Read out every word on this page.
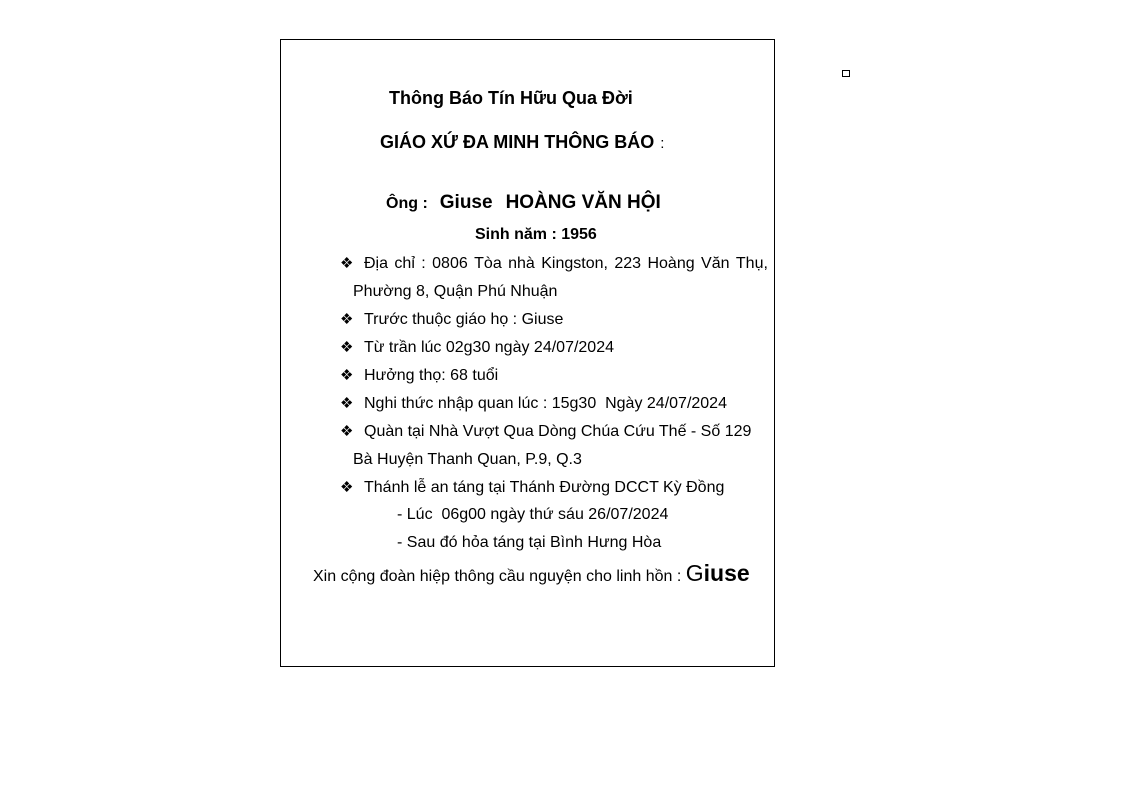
Thông Báo Tín Hữu Qua Đời
GIÁO XỨ ĐA MINH THÔNG BÁO :
Ông : Giuse HOÀNG VĂN HỘI
Sinh năm : 1956
❖ Địa chỉ : 0806 Tòa nhà Kingston, 223 Hoàng Văn Thụ,
Phường 8, Quận Phú Nhuận
❖ Trước thuộc giáo họ : Giuse
❖ Từ trần lúc 02g30 ngày 24/07/2024
❖ Hưởng thọ: 68 tuổi
❖ Nghi thức nhập quan lúc : 15g30  Ngày 24/07/2024
❖ Quàn tại Nhà Vượt Qua Dòng Chúa Cứu Thế - Số 129
Bà Huyện Thanh Quan, P.9, Q.3
❖ Thánh lễ an táng tại Thánh Đường DCCT Kỳ Đồng
- Lúc  06g00 ngày thứ sáu 26/07/2024
- Sau đó hỏa táng tại Bình Hưng Hòa
Xin cộng đoàn hiệp thông cầu nguyện cho linh hồn : Giuse
